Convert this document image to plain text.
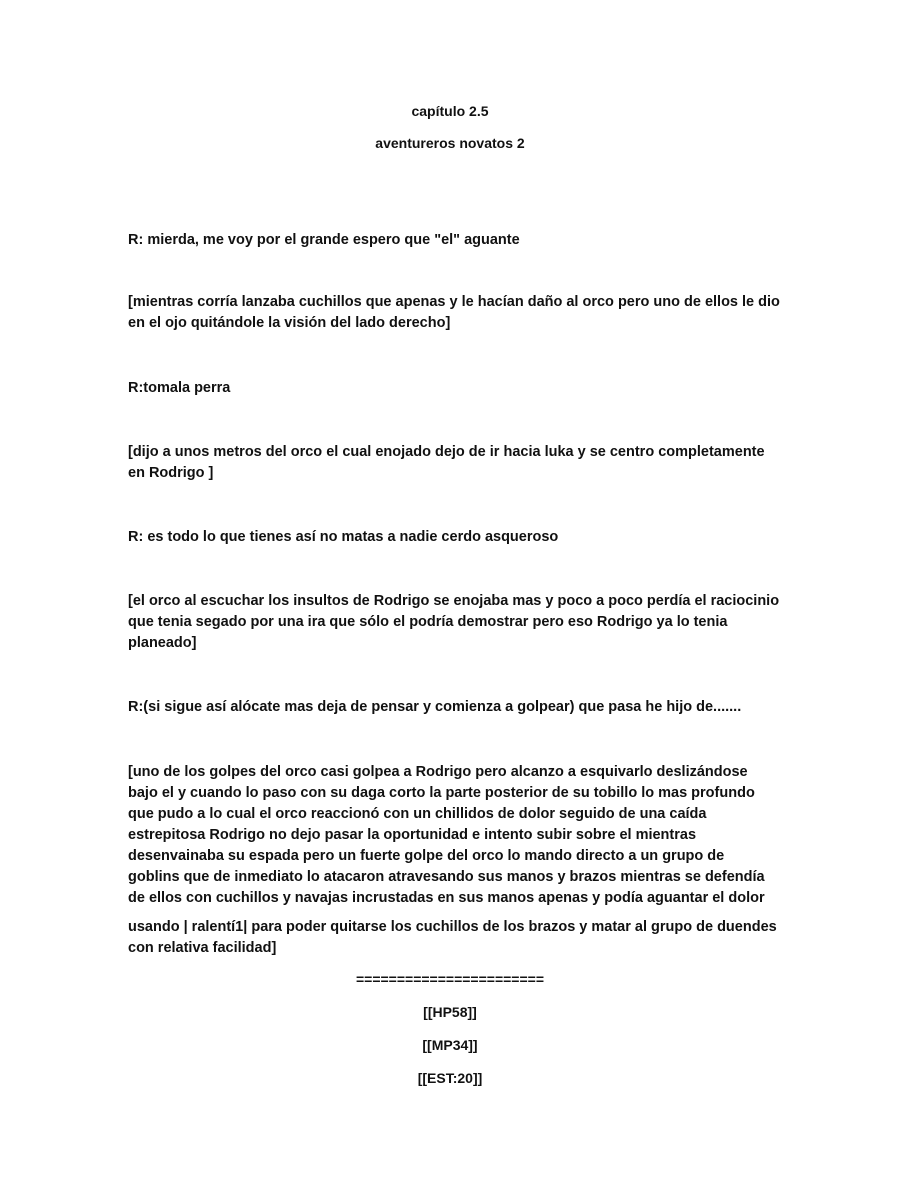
capítulo 2.5
aventureros novatos 2
R: mierda, me voy por el grande espero que "el" aguante
[mientras corría lanzaba cuchillos que apenas y le hacían daño al orco pero uno de ellos le dio en el ojo quitándole la visión del lado derecho]
R:tomala perra
[dijo a unos metros del orco el cual enojado dejo de ir hacia luka y se centro completamente en Rodrigo ]
R: es todo lo que tienes así no matas a nadie cerdo asqueroso
[el orco al escuchar los insultos de Rodrigo se enojaba mas y poco a poco perdía el raciocinio que tenia segado por una ira que sólo el podría demostrar pero eso Rodrigo ya lo tenia planeado]
R:(si sigue así alócate mas deja de pensar y comienza a golpear) que pasa he hijo de.......
[uno de los golpes del orco casi golpea a Rodrigo pero alcanzo a esquivarlo deslizándose bajo el y cuando lo paso con su daga corto la parte posterior de su tobillo lo mas profundo que pudo a lo cual el orco reaccionó con un chillidos de dolor seguido de una caída estrepitosa Rodrigo no dejo pasar la oportunidad e intento subir sobre el mientras desenvainaba su espada pero un fuerte golpe del orco lo mando directo a un grupo de goblins que de inmediato lo atacaron atravesando sus manos y brazos mientras se defendía de ellos con cuchillos y navajas incrustadas en sus manos apenas y podía aguantar el dolor
usando | ralentí1| para poder quitarse los cuchillos de los brazos y matar al grupo de duendes con relativa facilidad]
=======================
[[HP58]]
[[MP34]]
[[EST:20]]
